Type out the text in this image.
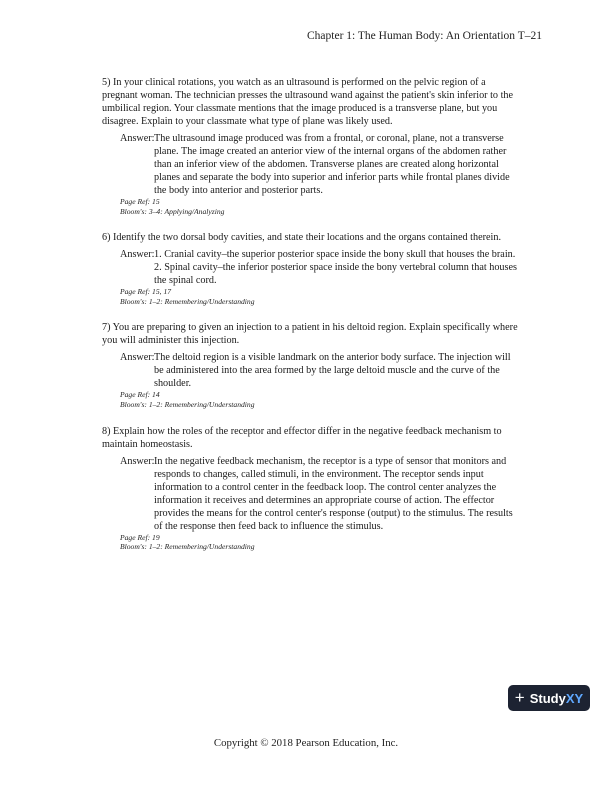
Chapter 1: The Human Body: An Orientation T–21
5) In your clinical rotations, you watch as an ultrasound is performed on the pelvic region of a pregnant woman. The technician presses the ultrasound wand against the patient's skin inferior to the umbilical region. Your classmate mentions that the image produced is a transverse plane, but you disagree. Explain to your classmate what type of plane was likely used.
Answer: The ultrasound image produced was from a frontal, or coronal, plane, not a transverse plane. The image created an anterior view of the internal organs of the abdomen rather than an inferior view of the abdomen. Transverse planes are created along horizontal planes and separate the body into superior and inferior parts while frontal planes divide the body into anterior and posterior parts.
Page Ref: 15
Bloom's: 3–4: Applying/Analyzing
6) Identify the two dorsal body cavities, and state their locations and the organs contained therein.
Answer: 1. Cranial cavity–the superior posterior space inside the bony skull that houses the brain.
2. Spinal cavity–the inferior posterior space inside the bony vertebral column that houses the spinal cord.
Page Ref: 15, 17
Bloom's: 1–2: Remembering/Understanding
7) You are preparing to given an injection to a patient in his deltoid region. Explain specifically where you will administer this injection.
Answer: The deltoid region is a visible landmark on the anterior body surface. The injection will be administered into the area formed by the large deltoid muscle and the curve of the shoulder.
Page Ref: 14
Bloom's: 1–2: Remembering/Understanding
8) Explain how the roles of the receptor and effector differ in the negative feedback mechanism to maintain homeostasis.
Answer: In the negative feedback mechanism, the receptor is a type of sensor that monitors and responds to changes, called stimuli, in the environment. The receptor sends input information to a control center in the feedback loop. The control center analyzes the information it receives and determines an appropriate course of action. The effector provides the means for the control center's response (output) to the stimulus. The results of the response then feed back to influence the stimulus.
Page Ref: 19
Bloom's: 1–2: Remembering/Understanding
+ Study XY
Copyright © 2018 Pearson Education, Inc.
